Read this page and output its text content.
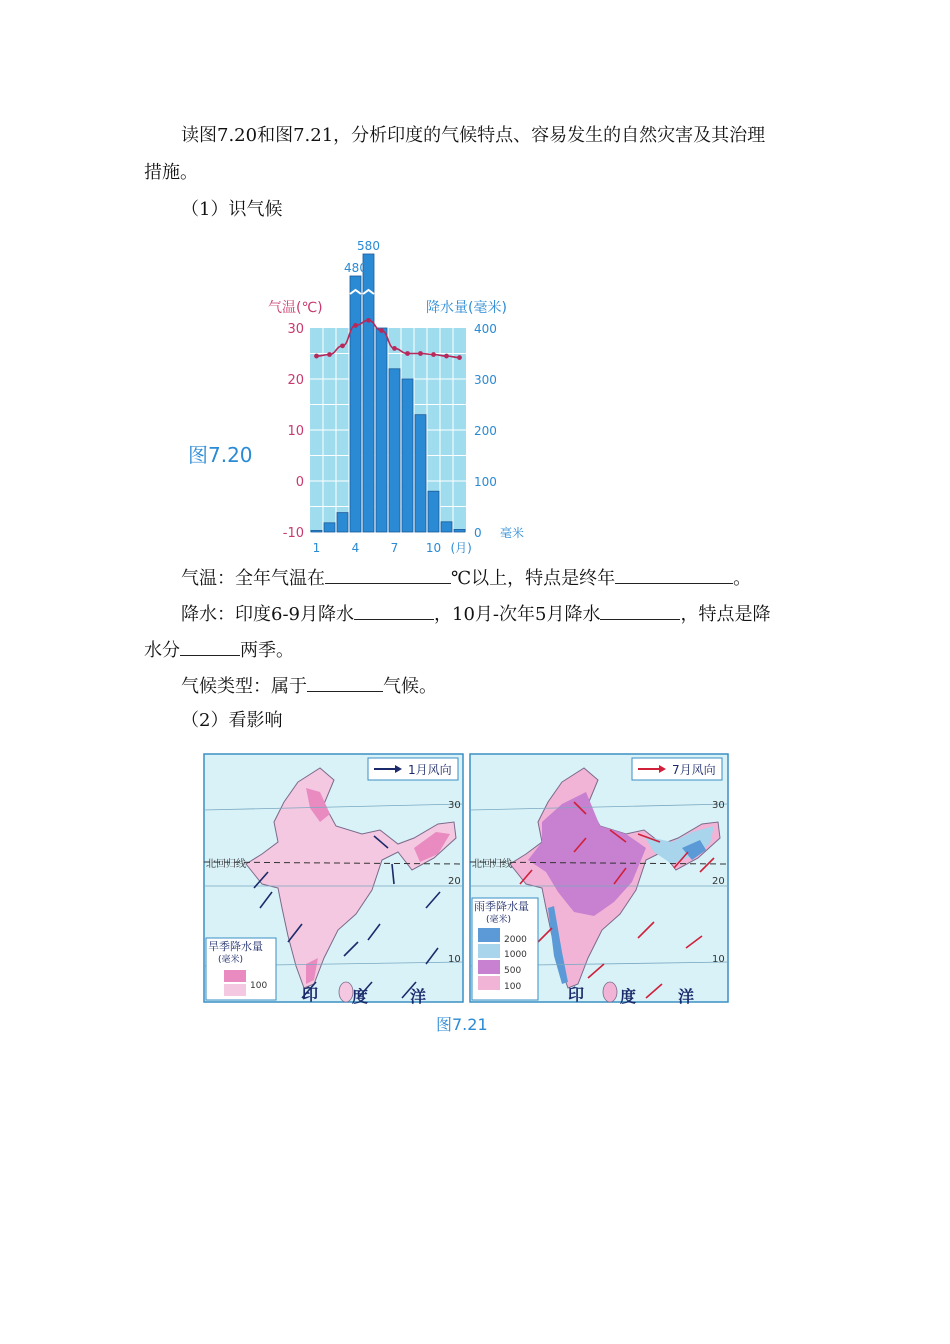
读图7.20和图7.21，分析印度的气候特点、容易发生的自然灾害及其治理
措施。
（1）识气候
480
580
30
20
10
0
-10
400
300
200
100
0
气温(℃)	降水量(毫米)
毫米
1	4	7 10 (月)
图7.20
气温：全年气温在	℃以上，特点是终年	。
降水：印度6-9月降水	，10月-次年5月降水	，特点是降
水分	两季。
气候类型：属于	气候。
（2）看影响
1月风向
北回归线
30
20
10
印 度	洋
旱季降水量
(毫米)
100
7月风向
北回归线
30
20
10
印 度	洋
雨季降水量
(毫米)
2000
1000
500
100
图7.21
